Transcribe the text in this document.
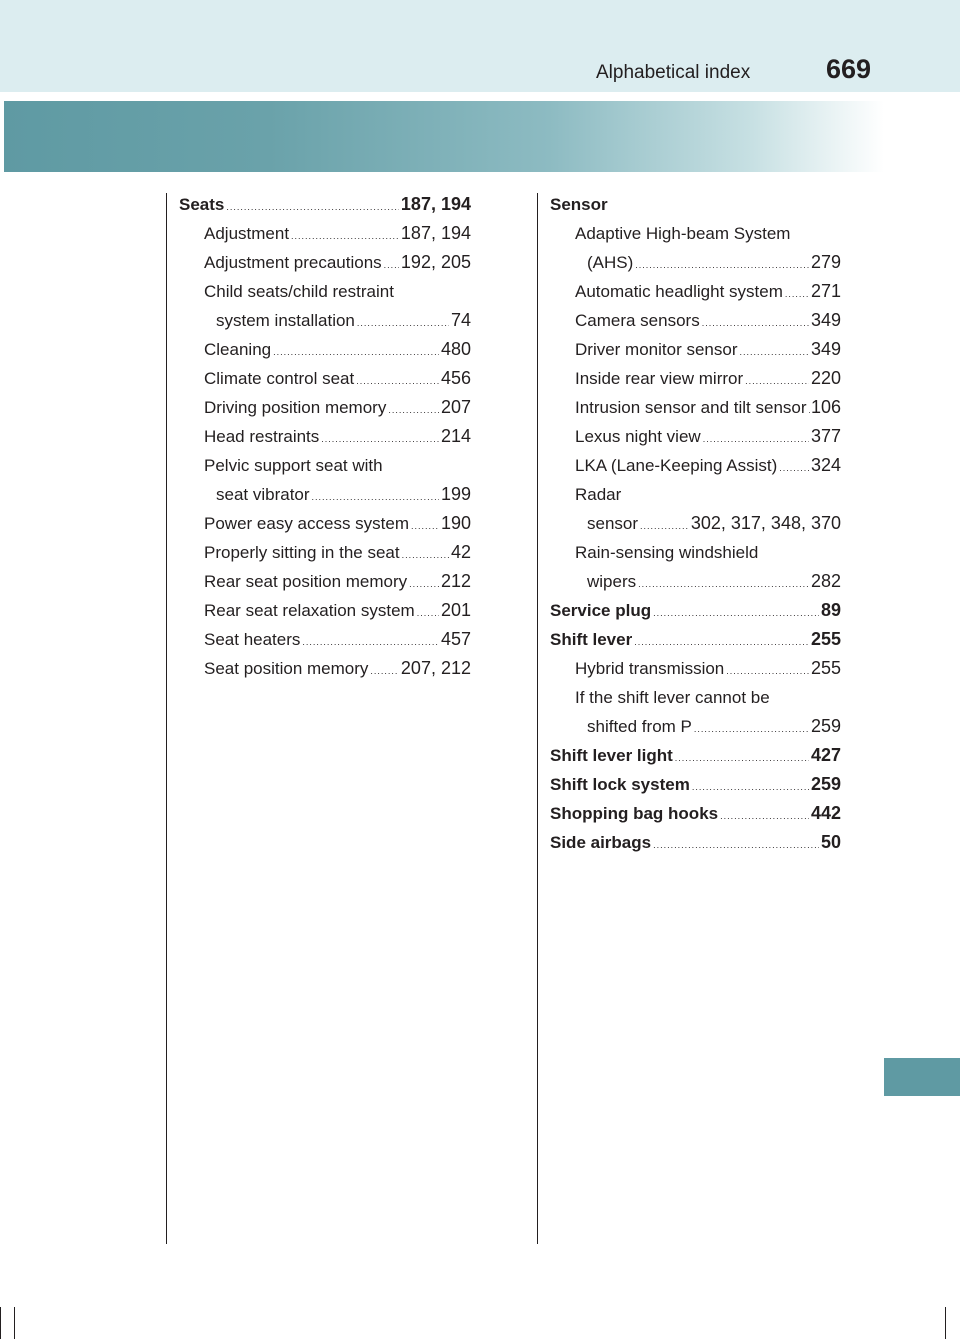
Alphabetical index	669
Seats .....	187, 194
Adjustment .....	187, 194
Adjustment precautions ..... 192, 205
Child seats/child restraint
system installation .....	74
Cleaning .....	480
Climate control seat .....	456
Driving position memory .....	207
Head restraints .....	214
Pelvic support seat with
seat vibrator .....	199
Power easy access system ..... 190
Properly sitting in the seat .....	42
Rear seat position memory ..... 212
Rear seat relaxation system ..... 201
Seat heaters .....	457
Seat position memory ..... 207, 212
Sensor
Adaptive High-beam System
(AHS) .....	279
Automatic headlight system ..... 271
Camera sensors .....	349
Driver monitor sensor .....	349
Inside rear view mirror .....	220
Intrusion sensor and tilt sensor ..... 106
Lexus night view .....	377
LKA (Lane-Keeping Assist) ..... 324
Radar
sensor .....	302, 317, 348, 370
Rain-sensing windshield
wipers .....	282
Service plug .....	89
Shift lever .....	255
Hybrid transmission .....	255
If the shift lever cannot be
shifted from P .....	259
Shift lever light .....	427
Shift lock system .....	259
Shopping bag hooks .....	442
Side airbags .....	50
